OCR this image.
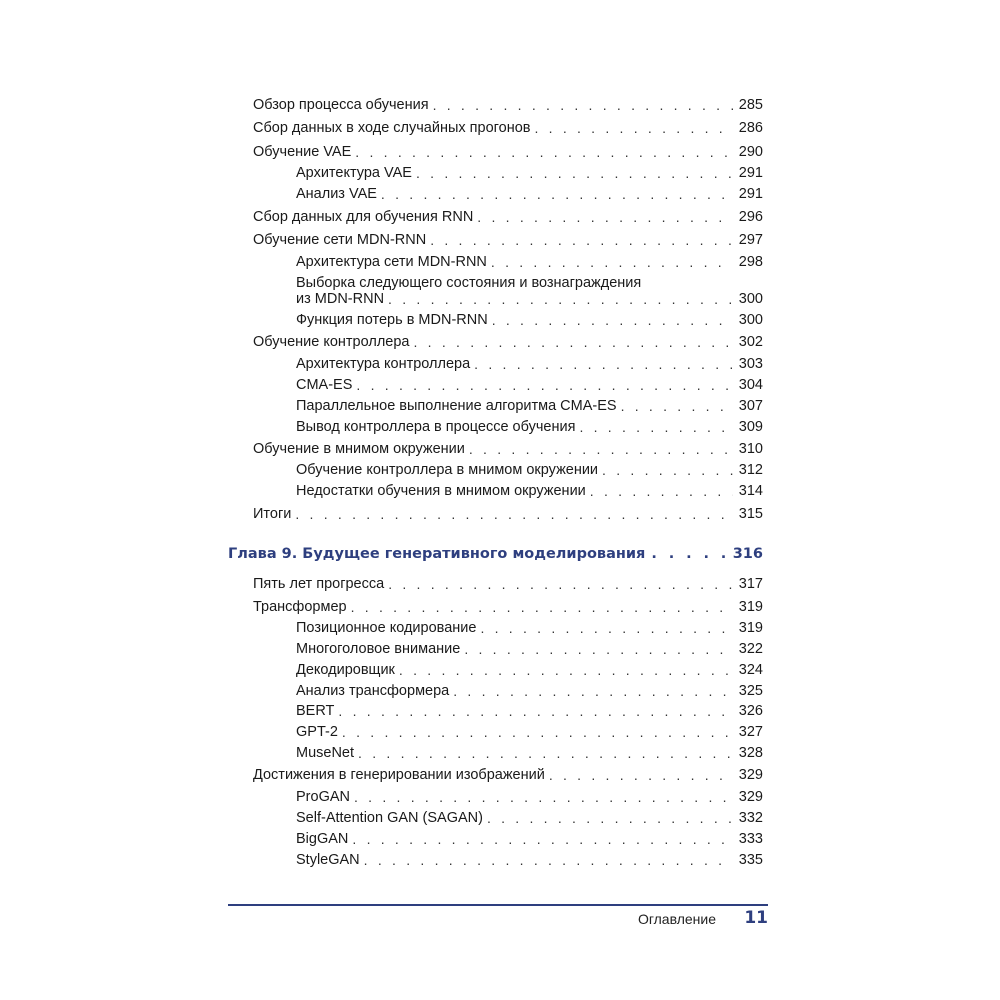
Обзор процесса обучения . . .	285
Сбор данных в ходе случайных прогонов . . .	286
Обучение VAE . . .	290
Архитектура VAE . . .	291
Анализ VAE . . .	291
Сбор данных для обучения RNN . . .	296
Обучение сети MDN-RNN . . .	297
Архитектура сети MDN-RNN . . .	298
Выборка следующего состояния и вознаграждения
из MDN-RNN . . .	300
Функция потерь в MDN-RNN . . .	300
Обучение контроллера . . .	302
Архитектура контроллера . . .	303
CMA-ES . . .	304
Параллельное выполнение алгоритма CMA-ES . . .	307
Вывод контроллера в процессе обучения . . .	309
Обучение в мнимом окружении . . .	310
Обучение контроллера в мнимом окружении . . .	312
Недостатки обучения в мнимом окружении . . .	314
Итоги . . .	315
Глава 9. Будущее генеративного моделирования . . .	316
Пять лет прогресса . . .	317
Трансформер . . .	319
Позиционное кодирование . . .	319
Многоголовое внимание . . .	322
Декодировщик . . .	324
Анализ трансформера . . .	325
BERT . . .	326
GPT-2 . . .	327
MuseNet . . .	328
Достижения в генерировании изображений . . .	329
ProGAN . . .	329
Self-Attention GAN (SAGAN) . . .	332
BigGAN . . .	333
StyleGAN . . .	335
Оглавление	11
